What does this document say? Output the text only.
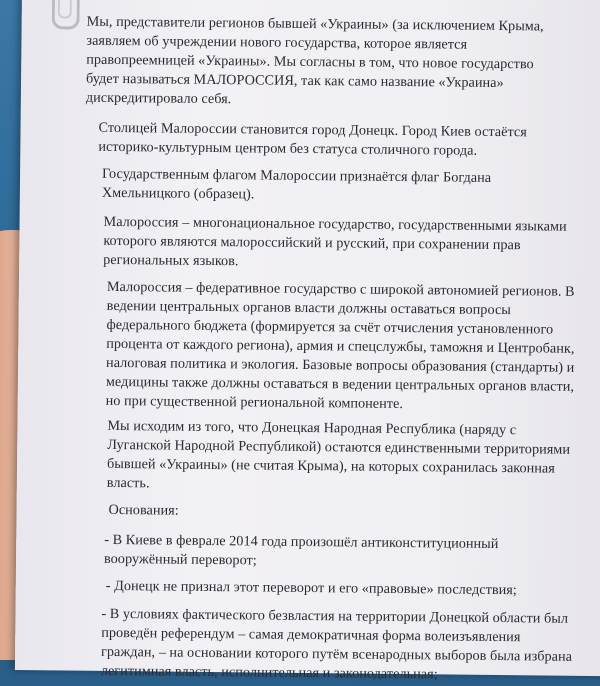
Мы, представители регионов бывшей «Украины» (за исключением Крыма,
заявляем об учреждении нового государства, которое является
правопреемницей «Украины». Мы согласны в том, что новое государство
будет называться МАЛОРОССИЯ, так как само название «Украина»
дискредитировало себя.
Столицей Малороссии становится город Донецк. Город Киев остаётся
историко-культурным центром без статуса столичного города.
Государственным флагом Малороссии признаётся флаг Богдана
Хмельницкого (образец).
Малороссия – многонациональное государство, государственными языками
которого являются малороссийский и русский, при сохранении прав
региональных языков.
Малороссия – федеративное государство с широкой автономией регионов. В
ведении центральных органов власти должны оставаться вопросы
федерального бюджета (формируется за счёт отчисления установленного
процента от каждого региона), армия и спецслужбы, таможня и Центробанк,
налоговая политика и экология. Базовые вопросы образования (стандарты) и
медицины также должны оставаться в ведении центральных органов власти,
но при существенной региональной компоненте.
Мы исходим из того, что Донецкая Народная Республика (наряду с
Луганской Народной Республикой) остаются единственными территориями
бывшей «Украины» (не считая Крыма), на которых сохранилась законная
власть.
Основания:
- В Киеве в феврале 2014 года произошёл антиконституционный
вооружённый переворот;
- Донецк не признал этот переворот и его «правовые» последствия;
- В условиях фактического безвластия на территории Донецкой области был
проведён референдум – самая демократичная форма волеизъявления
граждан, – на основании которого путём всенародных выборов была избрана
легитимная власть, исполнительная и законодательная;
